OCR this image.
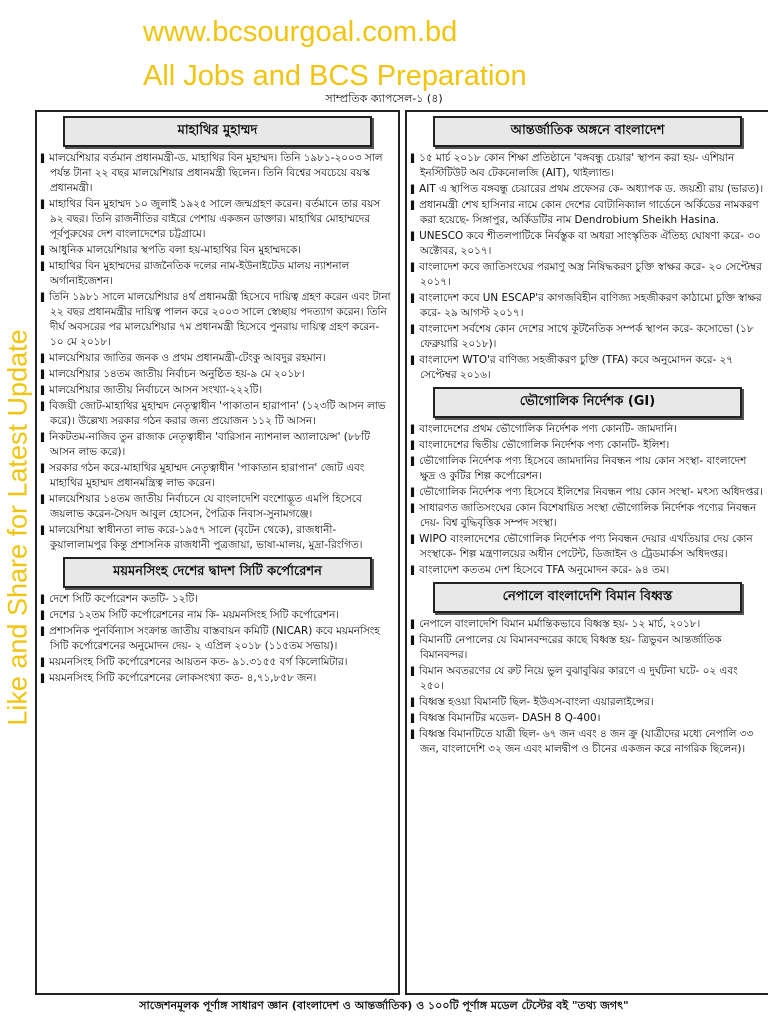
www.bcsourgoal.com.bd
All Jobs and BCS Preparation
Like and Share for Latest Update
সাম্প্রতিক ক্যাপসেল-১ (৪)
মাহাথির মুহাম্মদ
▌ মালয়েশিয়ার বর্তমান প্রধানমন্ত্রী-ড. মাহাথির বিন মুহাম্মদ। তিনি ১৯৮১-২০০৩ সাল পর্যন্ত টানা ২২ বছর মালয়েশিয়ার প্রধানমন্ত্রী ছিলেন। তিনি বিশ্বের সবচেয়ে বয়স্ক প্রধানমন্ত্রী।
▌ মাহাথির বিন মুহাম্মদ ১০ জুলাই ১৯২৫ সালে জন্মগ্রহণ করেন। বর্তমানে তার বয়স ৯২ বছর। তিনি রাজনীতির বাইরে পেশায় একজন ডাক্তার। মাহাথির মোহাম্মদের পূর্বপুরুষের দেশ বাংলাদেশের চট্টগ্রামে।
▌ আধুনিক মালয়েশিয়ার স্থপতি বলা হয়-মাহাথির বিন মুহাম্মদকে।
▌ মাহাথির বিন মুহাম্মদের রাজনৈতিক দলের নাম-ইউনাইটেড মালয় ন্যাশনাল অর্গানাইজেশন।
▌ তিনি ১৯৮১ সালে মালয়েশিয়ার ৪র্থ প্রধানমন্ত্রী হিসেবে দায়িত্ব গ্রহণ করেন এবং টানা ২২ বছর প্রধানমন্ত্রীর দায়িত্ব পালন করে ২০০৩ সালে স্বেচ্ছায় পদত্যাগ করেন। তিনি দীর্ঘ অবসরের পর মালয়েশিয়ার ৭ম প্রধানমন্ত্রী হিসেবে পুনরায় দায়িত্ব গ্রহণ করেন- ১০ মে ২০১৮।
▌ মালয়েশিয়ার জাতির জনক ও প্রথম প্রধানমন্ত্রী-টেংকু আবদুর রহমান।
▌ মালয়েশিয়ার ১৪তম জাতীয় নির্বাচন অনুষ্ঠিত হয়-৯ মে ২০১৮।
▌ মালয়েশিয়ার জাতীয় নির্বাচনে আসন সংখ্যা-২২২টি।
▌ বিজয়ী জোট-মাহাথির মুহাম্মদ নেতৃত্বাধীন 'পাকাতান হারাপান' (১২৩টি আসন লাভ করে)। উল্লেখ্য সরকার গঠন করার জন্য প্রয়োজন ১১২ টি আসন।
▌ নিকটতম-নাজিব তুন রাজাক নেতৃত্বাধীন 'বারিসান ন্যাশনাল অ্যালায়েন্স' (৮৮টি আসন লাভ করে)।
▌ সরকার গঠন করে-মাহাথির মুহাম্মদ নেতৃত্বাধীন 'পাকাতান হারাপান' জোট এবং মাহাথির মুহাম্মদ প্রধানমন্ত্রিত্ব লাভ করেন।
▌ মালয়েশিয়ার ১৪তম জাতীয় নির্বাচনে যে বাংলাদেশি বংশোদ্ভূত এমপি হিসেবে জয়লাভ করেন-সৈয়দ আবুল হোসেন, পৈত্রিক নিবাস-সুনামগঞ্জে।
▌ মালয়েশিয়া স্বাধীনতা লাভ করে-১৯৫৭ সালে (বৃটেন থেকে), রাজধানী- কুয়ালালামপুর কিন্তু প্রশাসনিক রাজধানী পুত্রজায়া, ভাষা-মালয়, মুদ্রা-রিংগিত।
ময়মনসিংহ দেশের দ্বাদশ সিটি কর্পোরেশন
▌ দেশে সিটি কর্পোরেশন কতটি- ১২টি।
▌ দেশের ১২তম সিটি কর্পোরেশনের নাম কি- ময়মনসিংহ সিটি কর্পোরেশন।
▌ প্রশাসনিক পুনর্বিন্যাস সংক্রান্ত জাতীয় বাস্তবায়ন কমিটি (NICAR) কবে ময়মনসিংহ সিটি কর্পোরেশনের অনুমোদন দেয়- ২ এপ্রিল ২০১৮ (১১৫তম সভায়)।
▌ ময়মনসিংহ সিটি কর্পোরেশনের আয়তন কত- ৯১.৩১৫৫ বর্গ কিলোমিটার।
▌ ময়মনসিংহ সিটি কর্পোরেশনের লোকসংখ্যা কত- ৪,৭১,৮৫৮ জন।
আন্তর্জাতিক অঙ্গনে বাংলাদেশ
▌ ১৫ মার্চ ২০১৮ কোন শিক্ষা প্রতিষ্ঠানে 'বঙ্গবন্ধু চেয়ার' স্থাপন করা হয়- এশিয়ান ইনস্টিটিউট অব টেকনোলজি (AIT), থাইল্যান্ড।
▌ AIT এ স্থাপিত বঙ্গবন্ধু চেয়ারের প্রথম প্রফেসর কে- অধ্যাপক ড. জয়শ্রী রায় (ভারত)।
▌ প্রধানমন্ত্রী শেখ হাসিনার নামে কোন দেশের বোটানিক্যাল গার্ডেনে অর্কিডের নামকরণ করা হয়েছে- সিঙ্গাপুর, অর্কিডটির নাম Dendrobium Sheikh Hasina.
▌ UNESCO কবে শীতলপাটিকে নির্বস্তুক বা অধরা সাংস্কৃতিক ঐতিহ্য ঘোষণা করে- ৩০ অক্টোবর, ২০১৭।
▌ বাংলাদেশ কবে জাতিসংঘের পরমাণু অস্ত্র নিষিদ্ধকরণ চুক্তি স্বাক্ষর করে- ২০ সেপ্টেম্বর ২০১৭।
▌ বাংলাদেশ কবে UN ESCAP'র কাগজবিহীন বাণিজ্য সহজীকরণ কাঠামো চুক্তি স্বাক্ষর করে- ২৯ আগস্ট ২০১৭।
▌ বাংলাদেশ সর্বশেষ কোন দেশের সাথে কূটনৈতিক সম্পর্ক স্থাপন করে- কসোভো (১৮ ফেব্রুয়ারি ২০১৮)।
▌ বাংলাদেশ WTO'র বাণিজ্য সহজীকরণ চুক্তি (TFA) কবে অনুমোদন করে- ২৭ সেপ্টেম্বর ২০১৬।
ভৌগোলিক নির্দেশক (GI)
▌ বাংলাদেশের প্রথম ভৌগোলিক নির্দেশক পণ্য কোনটি- জামদানি।
▌ বাংলাদেশের দ্বিতীয় ভৌগোলিক নির্দেশক পণ্য কোনটি- ইলিশ।
▌ ভৌগোলিক নির্দেশক পণ্য হিসেবে জামদানির নিবন্ধন পায় কোন সংস্থা- বাংলাদেশ ক্ষুদ্র ও কুটির শিল্প কর্পোরেশন।
▌ ভৌগোলিক নির্দেশক পণ্য হিসেবে ইলিশের নিবন্ধন পায় কোন সংস্থা- মৎস্য অধিদপ্তর।
▌ সাধারণত জাতিসংঘের কোন বিশেষায়িত সংস্থা ভৌগোলিক নির্দেশক পণ্যের নিবন্ধন দেয়- বিশ্ব বুদ্ধিবৃত্তিক সম্পদ সংস্থা।
▌ WIPO বাংলাদেশের ভৌগোলিক নির্দেশক পণ্য নিবন্ধন দেয়ার এখতিয়ার দেয় কোন সংস্থাকে- শিল্প মন্ত্রণালয়ের অধীন পেটেন্ট, ডিজাইন ও ট্রেডমার্কস অধিদপ্তর।
▌ বাংলাদেশ কততম দেশ হিসেবে TFA অনুমোদন করে- ৯৪ তম।
নেপালে বাংলাদেশি বিমান বিধ্বস্ত
▌ নেপালে বাংলাদেশি বিমান মর্মান্তিকভাবে বিধ্বস্ত হয়- ১২ মার্চ, ২০১৮।
▌ বিমানটি নেপালের যে বিমানবন্দরের কাছে বিধ্বস্ত হয়- ত্রিভুবন আন্তর্জাতিক বিমানবন্দর।
▌ বিমান অবতরণের যে রুট নিয়ে ভুল বুঝাবুঝির কারণে এ দুর্ঘটনা ঘটে- ০২ এবং ২৫০।
▌ বিধ্বস্ত হওয়া বিমানটি ছিল- ইউএস-বাংলা এয়ারলাইন্সের।
▌ বিধ্বস্ত বিমানটির মডেল- DASH 8 Q-400।
▌ বিধ্বস্ত বিমানটিতে যাত্রী ছিল- ৬৭ জন এবং ৪ জন ক্রু (যাত্রীদের মধ্যে নেপালি ৩৩ জন, বাংলাদেশি ৩২ জন এবং মালদ্বীপ ও চীনের একজন করে নাগরিক ছিলেন)।
সাজেশনমূলক পূর্ণাঙ্গ সাধারণ জ্ঞান (বাংলাদেশ ও আন্তর্জাতিক) ও ১০০টি পূর্ণাঙ্গ মডেল টেস্টের বই "তথ্য জগৎ"
